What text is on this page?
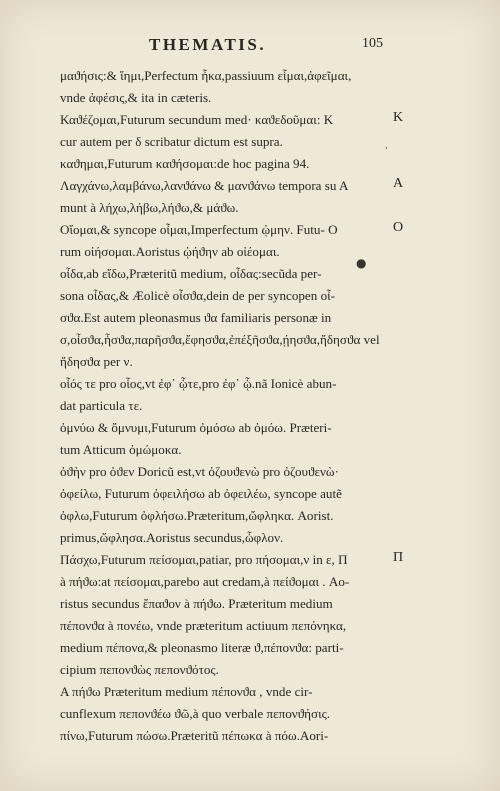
THEMATIS.	105
μαϑήσις:& ἵημι,Perfectum ἦκα,passiuum εἷμαι,ἀφεῖμαι,
vnde ἀφέσις,& ita in cæteris.
Καϑέζομαι,Futurum secundum med· καϑεδοῦμαι: K
cur autem per δ scribatur dictum est supra.
καϑημαι,Futurum καϑήσομαι:de hoc pagina 94.
Λαγχάνω,λαμβάνω,λανϑάνω & μανϑάνω tempora su A
munt à λήχω,λήβω,λήϑω,& μάϑω.
Οἴομαι,& syncope οἶμαι,Imperfectum ᾠμην. Futu- O
rum οἰήσομαι.Aoristus ᾠήϑην ab οἰέομαι.
οἶδα,ab εἴδω,Præteritũ medium, οἶδας:secũda per-
sona οἶδας,& Æolicè οἶσϑα,dein de per syncopen οἶ-
σϑα.Est autem pleonasmus ϑα familiaris personæ in
σ,οἶσϑα,ἦσϑα,παρῆσϑα,ἔφησϑα,ἐπέξῆσϑα,ῄησϑα,ἤδησϑα vel
ἤδησϑα per ν.
οἷός τε pro οἷος,vt ἐφ᾽ ᾧτε,pro ἐφ᾽ ᾧ.nã Ionicè abun-
dat particula τε.
ὀμνύω & ὄμνυμι,Futurum ὀμόσω ab ὀμόω. Præteri-
tum Atticum ὀμώμοκα.
ὀϑὴν pro ὀϑεν Doricũ est,vt ὀζουϑενὼ pro ὀζουϑενὼ·
ὀφείλω, Futurum ὀφειλήσω ab ὀφειλέω, syncope autẽ
ὀφλω,Futurum ὀφλήσω.Præteritum,ὤφληκα. Aorist.
primus,ὤφλησα.Aoristus secundus,ὦφλον.
Πάσχω,Futurum πείσομαι,patiar, pro πήσομαι,ν in ε, Π
à πήϑω:at πείσομαι,parebo aut credam,à πείϑομαι . Ao-
ristus secundus ἔπαϑον à πήϑω. Præteritum medium
πέπονϑα à πονέω, vnde præteritum actiuum πεπόνηκα,
medium πέπονα,& pleonasmo literæ ϑ,πέπονϑα: parti-
cipium πεπονϑὼς πεπονϑότος.
A πήϑω Præteritum medium πέπονϑα , vnde cir-
cunflexum πεπονϑέω ϑῶ,à quo verbale πεπονϑήσις.
πίνω,Futurum πώσω.Præteritũ πέπωκα à πόω.Aori-
K
A
O
Π
●
ˈ
